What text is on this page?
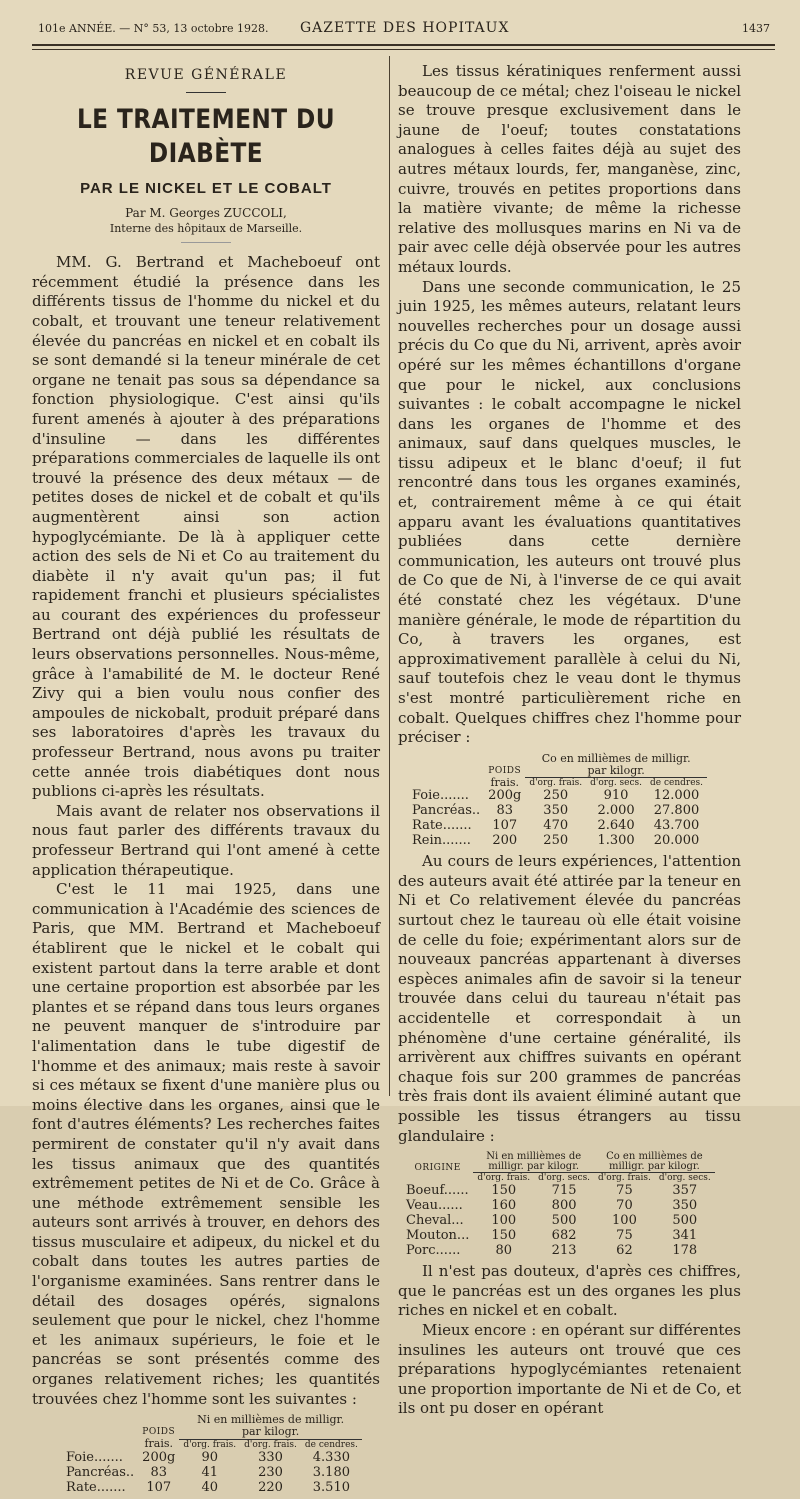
101e ANNÉE. — N° 53, 13 octobre 1928. GAZETTE DES HOPITAUX	1437
REVUE GÉNÉRALE
LE TRAITEMENT DU DIABÈTE
PAR LE NICKEL ET LE COBALT
Par M. Georges ZUCCOLI,
Interne des hôpitaux de Marseille.

MM. G. Bertrand et Macheboeuf ont récemment étudié la présence dans les différents tissus de l'homme du nickel et du cobalt, et trouvant une teneur relativement élevée du pancréas en nickel et en cobalt ils se sont demandé si la teneur minérale de cet organe ne tenait pas sous sa dépendance sa fonction physiologique. C'est ainsi qu'ils furent amenés à ajouter à des préparations d'insuline — dans les différentes préparations commerciales de laquelle ils ont trouvé la présence des deux métaux — de petites doses de nickel et de cobalt et qu'ils augmentèrent ainsi son action hypoglycémiante. De là à appliquer cette action des sels de Ni et Co au traitement du diabète il n'y avait qu'un pas; il fut rapidement franchi et plusieurs spécialistes au courant des expériences du professeur Bertrand ont déjà publié les résultats de leurs observations personnelles. Nous-même, grâce à l'amabilité de M. le docteur René Zivy qui a bien voulu nous confier des ampoules de nickobalt, produit préparé dans ses laboratoires d'après les travaux du professeur Bertrand, nous avons pu traiter cette année trois diabétiques dont nous publions ci-après les résultats.

Mais avant de relater nos observations il nous faut parler des différents travaux du professeur Bertrand qui l'ont amené à cette application thérapeutique.

C'est le 11 mai 1925, dans une communication à l'Académie des sciences de Paris, que MM. Bertrand et Macheboeuf établirent que le nickel et le cobalt qui existent partout dans la terre arable et dont une certaine proportion est absorbée par les plantes et se répand dans tous leurs organes ne peuvent manquer de s'introduire par l'alimentation dans le tube digestif de l'homme et des animaux; mais reste à savoir si ces métaux se fixent d'une manière plus ou moins élective dans les organes, ainsi que le font d'autres éléments? Les recherches faites permirent de constater qu'il n'y avait dans les tissus animaux que des quantités extrêmement petites de Ni et de Co. Grâce à une méthode extrêmement sensible les auteurs sont arrivés à trouver, en dehors des tissus musculaire et adipeux, du nickel et du cobalt dans toutes les autres parties de l'organisme examinées. Sans rentrer dans le détail des dosages opérés, signalons seulement que pour le nickel, chez l'homme et les animaux supérieurs, le foie et le pancréas se sont présentés comme des organes relativement riches; les quantités trouvées chez l'homme sont les suivantes :

		Ni en millièmes de milligr.		
	POIDS	par kilogr.		
	frais.	d'org. frais.	d'org. frais.	de cendres.
Foie.......	200g	90	330	4.330
Pancréas..	83	41	230	3.180
Rate.......	107	40	220	3.510

Les tissus kératiniques renferment aussi beaucoup de ce métal; chez l'oiseau le nickel se trouve presque exclusivement dans le jaune de l'oeuf; toutes constatations analogues à celles faites déjà au sujet des autres métaux lourds, fer, manganèse, zinc, cuivre, trouvés en petites proportions dans la matière vivante; de même la richesse relative des mollusques marins en Ni va de pair avec celle déjà observée pour les autres métaux lourds.

Dans une seconde communication, le 25 juin 1925, les mêmes auteurs, relatant leurs nouvelles recherches pour un dosage aussi précis du Co que du Ni, arrivent, après avoir opéré sur les mêmes échantillons d'organe que pour le nickel, aux conclusions suivantes : le cobalt accompagne le nickel dans les organes de l'homme et des animaux, sauf dans quelques muscles, le tissu adipeux et le blanc d'oeuf; il fut rencontré dans tous les organes examinés, et, contrairement même à ce qui était apparu avant les évaluations quantitatives publiées dans cette dernière communication, les auteurs ont trouvé plus de Co que de Ni, à l'inverse de ce qui avait été constaté chez les végétaux. D'une manière générale, le mode de répartition du Co, à travers les organes, est approximativement parallèle à celui du Ni, sauf toutefois chez le veau dont le thymus s'est montré particulièrement riche en cobalt. Quelques chiffres chez l'homme pour préciser :

		Co en millièmes de milligr.		
	POIDS	par kilogr.		
	frais.	d'org. frais.	d'org. secs.	de cendres.
Foie.......	200g	250	910	12.000
Pancréas..	83	350	2.000	27.800
Rate.......	107	470	2.640	43.700
Rein.......	200	250	1.300	20.000

Au cours de leurs expériences, l'attention des auteurs avait été attirée par la teneur en Ni et Co relativement élevée du pancréas surtout chez le taureau où elle était voisine de celle du foie; expérimentant alors sur de nouveaux pancréas appartenant à diverses espèces animales afin de savoir si la teneur trouvée dans celui du taureau n'était pas accidentelle et correspondait à un phénomène d'une certaine généralité, ils arrivèrent aux chiffres suivants en opérant chaque fois sur 200 grammes de pancréas très frais dont ils avaient éliminé autant que possible les tissus étrangers au tissu glandulaire :

ORIGINE	Ni en millièmes de milligr. par kilogr.		Co en millièmes de milligr. par kilogr.	
	d'org. frais.	d'org. secs.	d'org. frais.	d'org. secs.

Boeuf......	150	715	75	357
Veau......	160	800	70	350
Cheval...	100	500	100	500
Mouton...	150	682	75	341
Porc......	80	213	62	178

Il n'est pas douteux, d'après ces chiffres, que le pancréas est un des organes les plus riches en nickel et en cobalt.

Mieux encore : en opérant sur différentes insulines les auteurs ont trouvé que ces préparations hypoglycémiantes retenaient une proportion importante de Ni et de Co, et ils ont pu doser en opérant
